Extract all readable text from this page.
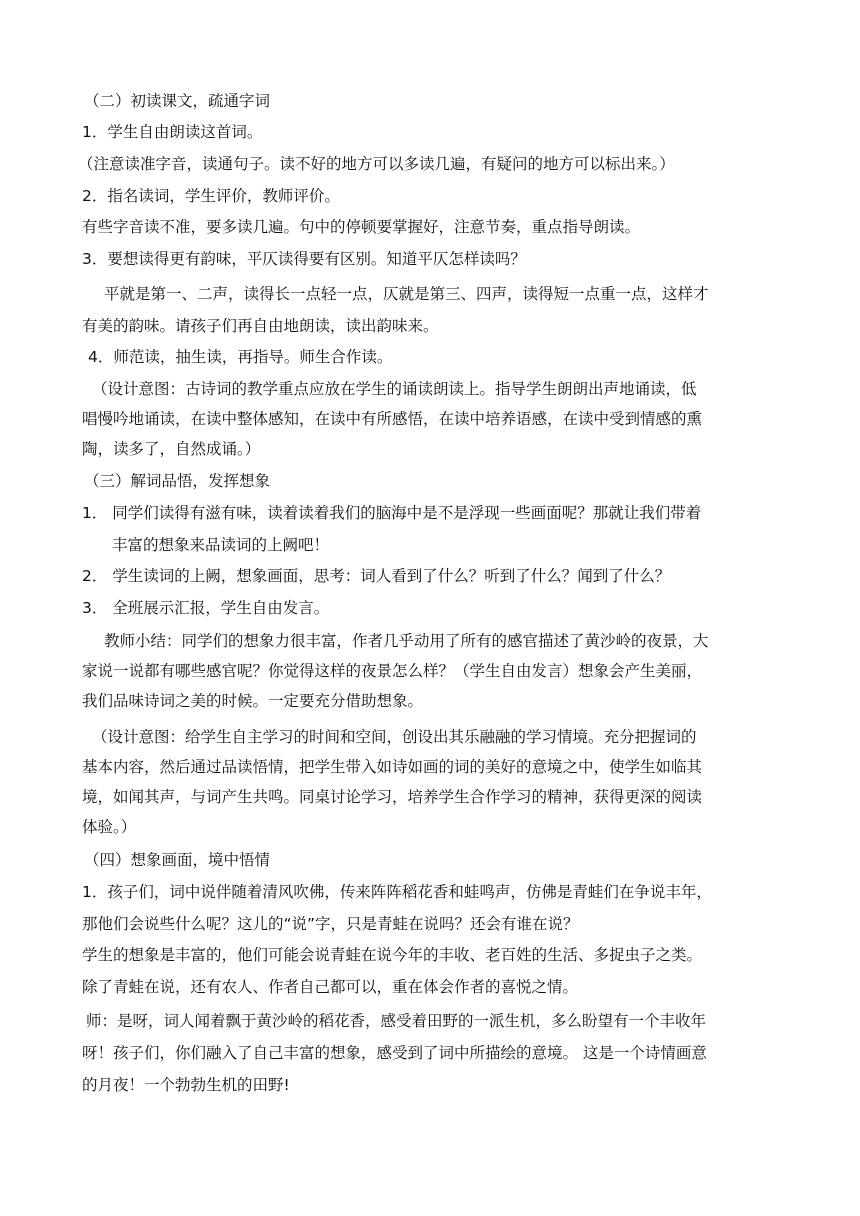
（二）初读课文，疏通字词
1．学生自由朗读这首词。
（注意读准字音，读通句子。读不好的地方可以多读几遍，有疑问的地方可以标出来。）
2．指名读词，学生评价，教师评价。
有些字音读不准，要多读几遍。句中的停顿要掌握好，注意节奏，重点指导朗读。
3．要想读得更有韵味，平仄读得要有区别。知道平仄怎样读吗？
平就是第一、二声，读得长一点轻一点，仄就是第三、四声，读得短一点重一点，这样才
有美的韵味。请孩子们再自由地朗读，读出韵味来。
4．师范读，抽生读，再指导。师生合作读。
（设计意图：古诗词的教学重点应放在学生的诵读朗读上。指导学生朗朗出声地诵读，低
唱慢吟地诵读，在读中整体感知，在读中有所感悟，在读中培养语感，在读中受到情感的熏
陶，读多了，自然成诵。）
（三）解词品悟，发挥想象
1． 同学们读得有滋有味，读着读着我们的脑海中是不是浮现一些画面呢？那就让我们带着
丰富的想象来品读词的上阙吧！
2． 学生读词的上阙，想象画面，思考：词人看到了什么？听到了什么？闻到了什么？
3． 全班展示汇报，学生自由发言。
教师小结：同学们的想象力很丰富，作者几乎动用了所有的感官描述了黄沙岭的夜景，大
家说一说都有哪些感官呢？你觉得这样的夜景怎么样？（学生自由发言）想象会产生美丽，
我们品味诗词之美的时候。一定要充分借助想象。
（设计意图：给学生自主学习的时间和空间，创设出其乐融融的学习情境。充分把握词的
基本内容，然后通过品读悟情，把学生带入如诗如画的词的美好的意境之中，使学生如临其
境，如闻其声，与词产生共鸣。同桌讨论学习，培养学生合作学习的精神，获得更深的阅读
体验。）
（四）想象画面，境中悟情
1．孩子们，词中说伴随着清风吹佛，传来阵阵稻花香和蛙鸣声，仿佛是青蛙们在争说丰年，
那他们会说些什么呢？这儿的“说”字，只是青蛙在说吗？还会有谁在说？
学生的想象是丰富的，他们可能会说青蛙在说今年的丰收、老百姓的生活、多捉虫子之类。
除了青蛙在说，还有农人、作者自己都可以，重在体会作者的喜悦之情。
师：是呀，词人闻着飘于黄沙岭的稻花香，感受着田野的一派生机，多么盼望有一个丰收年
呀！孩子们，你们融入了自己丰富的想象，感受到了词中所描绘的意境。 这是一个诗情画意
的月夜！一个勃勃生机的田野!
